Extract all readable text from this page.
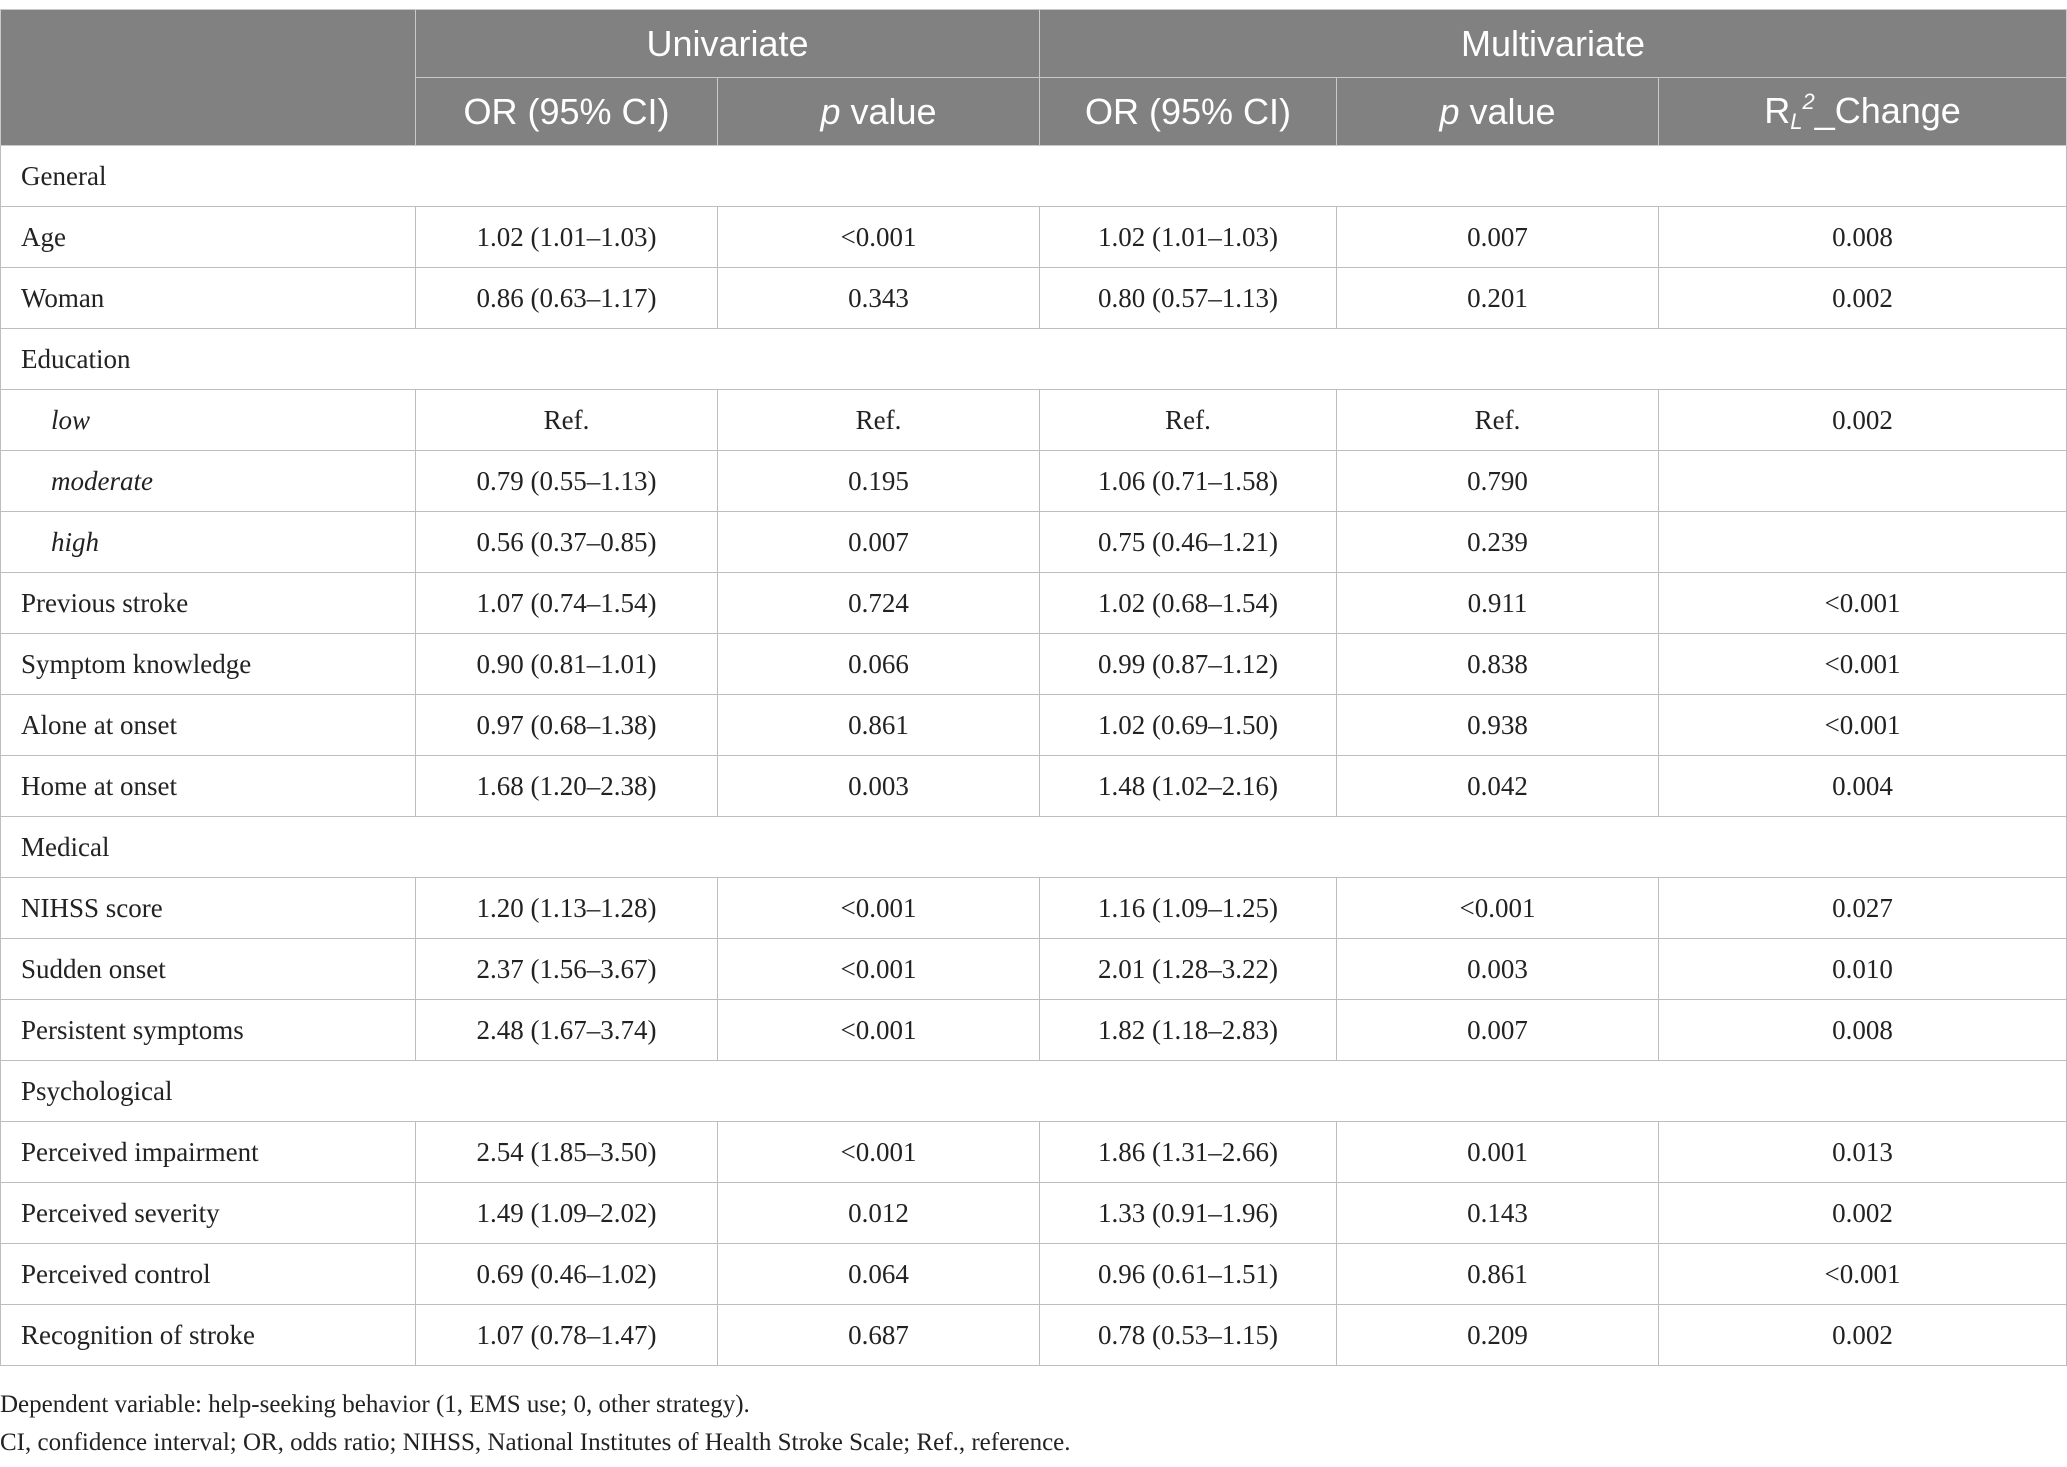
	Univariate		Multivariate		
	OR (95% CI)	p value	OR (95% CI)	p value	$RL^2\_Change$
General					
Age	1.02 (1.01–1.03)	<0.001	1.02 (1.01–1.03)	0.007	0.008
Woman	0.86 (0.63–1.17)	0.343	0.80 (0.57–1.13)	0.201	0.002
Education					
low	Ref.	Ref.	Ref.	Ref.	0.002
moderate	0.79 (0.55–1.13)	0.195	1.06 (0.71–1.58)	0.790	
high	0.56 (0.37–0.85)	0.007	0.75 (0.46–1.21)	0.239	
Previous stroke	1.07 (0.74–1.54)	0.724	1.02 (0.68–1.54)	0.911	<0.001
Symptom knowledge	0.90 (0.81–1.01)	0.066	0.99 (0.87–1.12)	0.838	<0.001
Alone at onset	0.97 (0.68–1.38)	0.861	1.02 (0.69–1.50)	0.938	<0.001
Home at onset	1.68 (1.20–2.38)	0.003	1.48 (1.02–2.16)	0.042	0.004
Medical					
NIHSS score	1.20 (1.13–1.28)	<0.001	1.16 (1.09–1.25)	<0.001	0.027
Sudden onset	2.37 (1.56–3.67)	<0.001	2.01 (1.28–3.22)	0.003	0.010
Persistent symptoms	2.48 (1.67–3.74)	<0.001	1.82 (1.18–2.83)	0.007	0.008
Psychological					
Perceived impairment	2.54 (1.85–3.50)	<0.001	1.86 (1.31–2.66)	0.001	0.013
Perceived severity	1.49 (1.09–2.02)	0.012	1.33 (0.91–1.96)	0.143	0.002
Perceived control	0.69 (0.46–1.02)	0.064	0.96 (0.61–1.51)	0.861	<0.001
Recognition of stroke	1.07 (0.78–1.47)	0.687	0.78 (0.53–1.15)	0.209	0.002
Dependent variable: help-seeking behavior (1, EMS use; 0, other strategy).
CI, confidence interval; OR, odds ratio; NIHSS, National Institutes of Health Stroke Scale; Ref., reference.
